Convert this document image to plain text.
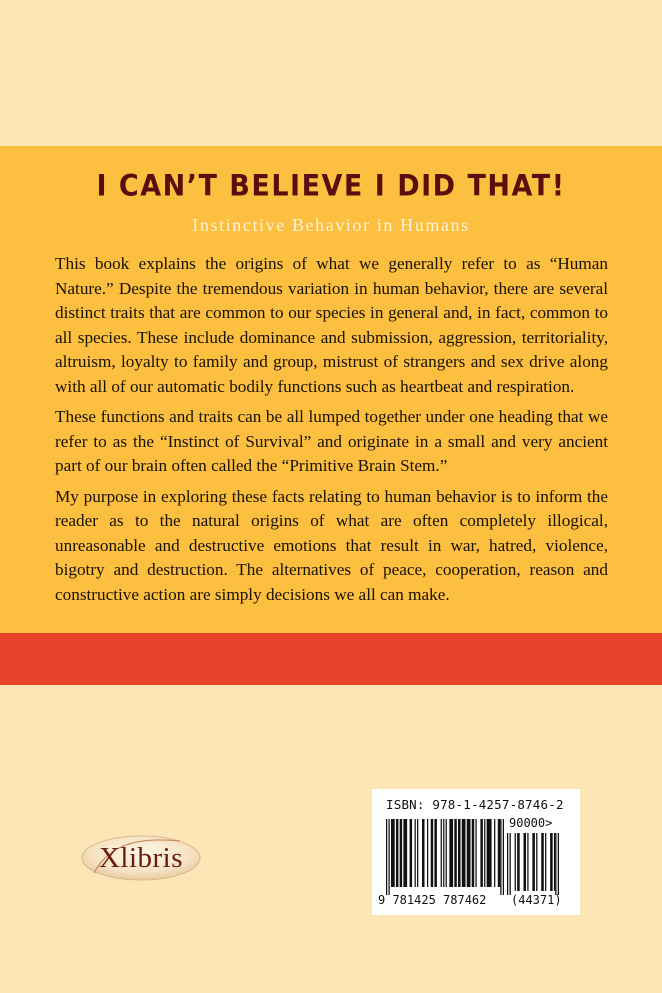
I CAN’T BELIEVE I DID THAT!
Instinctive Behavior in Humans

This book explains the origins of what we generally refer to as “Human Nature.” Despite the tremendous variation in human behavior, there are several distinct traits that are common to our species in general and, in fact, common to all species. These include dominance and submission, aggression, territoriality, altruism, loyalty to family and group, mistrust of strangers and sex drive along with all of our automatic bodily functions such as heartbeat and respiration.

These functions and traits can be all lumped together under one heading that we refer to as the “Instinct of Survival” and originate in a small and very ancient part of our brain often called the “Primitive Brain Stem.”

My purpose in exploring these facts relating to human behavior is to inform the reader as to the natural origins of what are often completely illogical, unreasonable and destructive emotions that result in war, hatred, violence, bigotry and destruction. The alternatives of peace, cooperation, reason and constructive action are simply decisions we all can make.

Xlibris
ISBN: 978-1-4257-8746-2
90000>
9 781425 787462 (44371)
